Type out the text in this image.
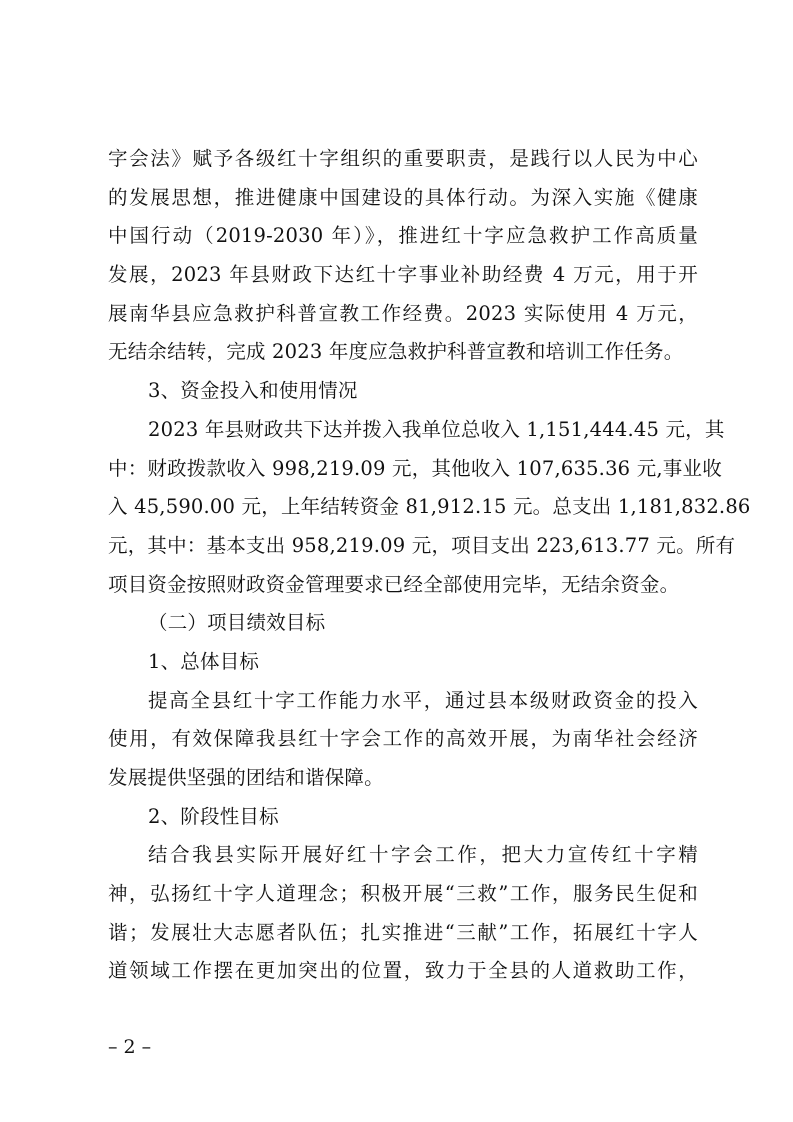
字会法》赋予各级红十字组织的重要职责，是践行以人民为中心
的发展思想，推进健康中国建设的具体行动。为深入实施《健康
中国行动（2019-2030 年）》，推进红十字应急救护工作高质量
发展，2023 年县财政下达红十字事业补助经费 4 万元，用于开
展南华县应急救护科普宣教工作经费。2023 实际使用 4 万元，
无结余结转，完成 2023 年度应急救护科普宣教和培训工作任务。
3、资金投入和使用情况
2023 年县财政共下达并拨入我单位总收入 1,151,444.45 元，其
中：财政拨款收入 998,219.09 元，其他收入 107,635.36 元,事业收
入 45,590.00 元，上年结转资金 81,912.15 元。总支出 1,181,832.86
元，其中：基本支出 958,219.09 元，项目支出 223,613.77 元。所有
项目资金按照财政资金管理要求已经全部使用完毕，无结余资金。
（二）项目绩效目标
1、总体目标
提高全县红十字工作能力水平，通过县本级财政资金的投入
使用，有效保障我县红十字会工作的高效开展，为南华社会经济
发展提供坚强的团结和谐保障。
2、阶段性目标
结合我县实际开展好红十字会工作，把大力宣传红十字精
神，弘扬红十字人道理念；积极开展“三救”工作，服务民生促和
谐；发展壮大志愿者队伍；扎实推进“三献”工作，拓展红十字人
道领域工作摆在更加突出的位置，致力于全县的人道救助工作，
– 2 –
